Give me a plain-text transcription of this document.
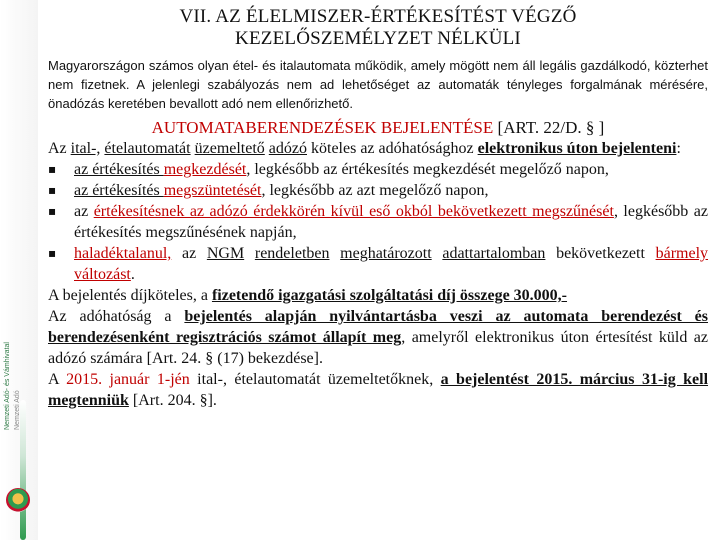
Nemzeti Adó- és Vámhivatal Nemzeti Adó
VII. AZ ÉLELMISZER-ÉRTÉKESÍTÉST VÉGZŐ
KEZELŐSZEMÉLYZET NÉLKÜLI
Magyarországon számos olyan étel- és italautomata működik, amely mögött nem áll legális gazdálkodó, közterhet nem fizetnek. A jelenlegi szabályozás nem ad lehetőséget az automaták tényleges forgalmának mérésére, önadózás keretében bevallott adó nem ellenőrizhető.
AUTOMATABERENDEZÉSEK BEJELENTÉSE [ART. 22/D. § ]
Az ital-, ételautomatát üzemeltető adózó köteles az adóhatósághoz elektronikus úton bejelenteni:
▪	az értékesítés megkezdését, legkésőbb az értékesítés megkezdését megelőző napon,
▪	az értékesítés megszüntetését, legkésőbb az azt megelőző napon,
▪	az értékesítésnek az adózó érdekkörén kívül eső okból bekövetkezett megszűnését, legkésőbb az értékesítés megszűnésének napján,
▪	haladéktalanul, az NGM rendeletben meghatározott adattartalomban bekövetkezett bármely változást.
A bejelentés díjköteles, a fizetendő igazgatási szolgáltatási díj összege 30.000,-
Az adóhatóság a bejelentés alapján nyilvántartásba veszi az automata berendezést és berendezésenként regisztrációs számot állapít meg, amelyről elektronikus úton értesítést küld az adózó számára [Art. 24. § (17) bekezdése].
A 2015. január 1-jén ital-, ételautomatát üzemeltetőknek, a bejelentést 2015. március 31-ig kell megtenniük [Art. 204. §].
